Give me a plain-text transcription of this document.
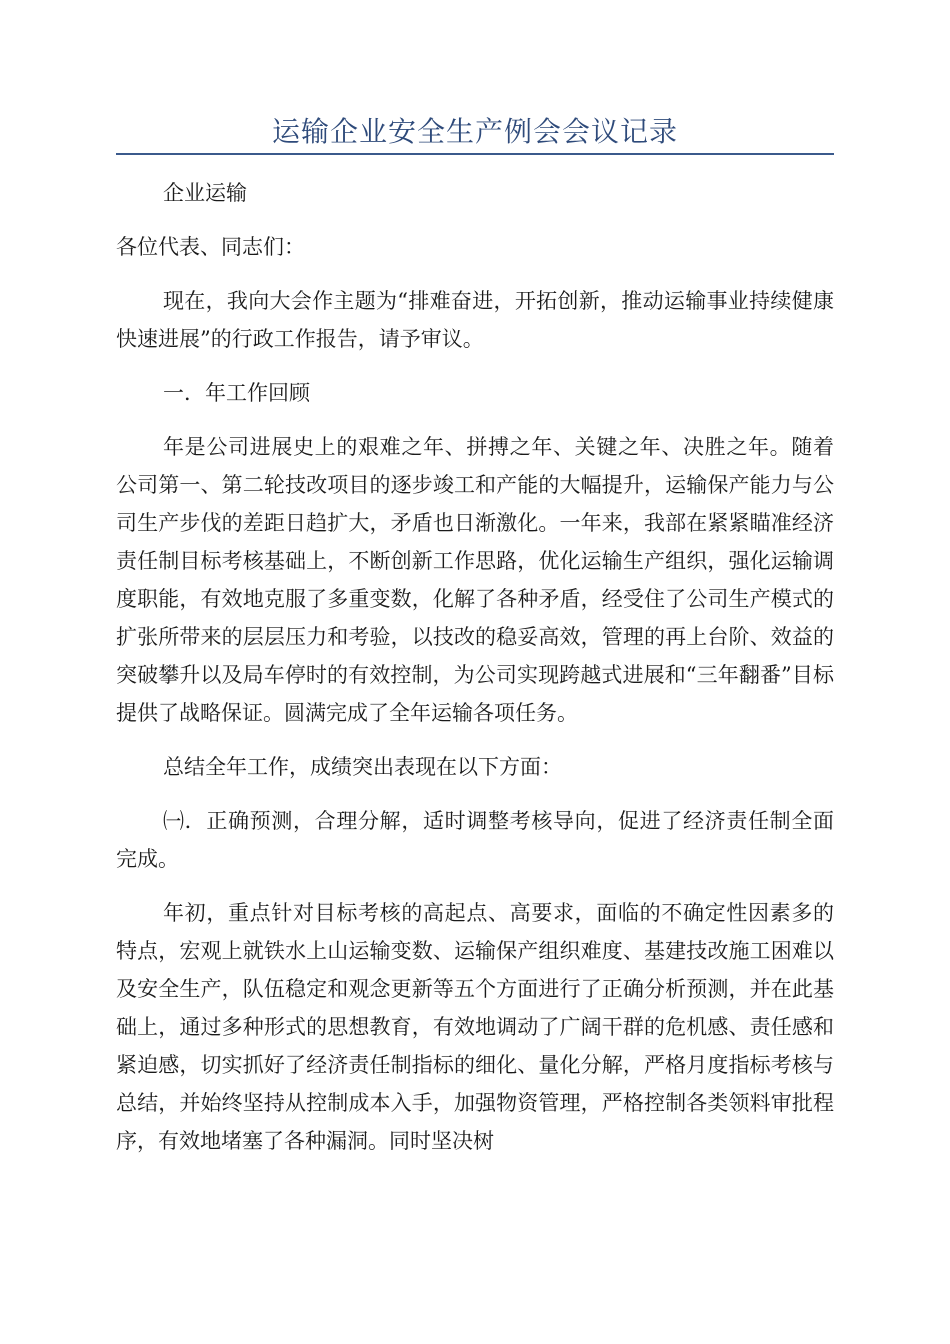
运输企业安全生产例会会议记录

企业运输

各位代表、同志们：

现在，我向大会作主题为“排难奋进，开拓创新，推动运输事业持续健康快速进展”的行政工作报告，请予审议。

一．年工作回顾

年是公司进展史上的艰难之年、拼搏之年、关键之年、决胜之年。随着公司第一、第二轮技改项目的逐步竣工和产能的大幅提升，运输保产能力与公司生产步伐的差距日趋扩大，矛盾也日渐激化。一年来，我部在紧紧瞄准经济责任制目标考核基础上，不断创新工作思路，优化运输生产组织，强化运输调度职能，有效地克服了多重变数，化解了各种矛盾，经受住了公司生产模式的扩张所带来的层层压力和考验，以技改的稳妥高效，管理的再上台阶、效益的突破攀升以及局车停时的有效控制，为公司实现跨越式进展和“三年翻番”目标提供了战略保证。圆满完成了全年运输各项任务。

总结全年工作，成绩突出表现在以下方面：

㈠．正确预测，合理分解，适时调整考核导向，促进了经济责任制全面完成。

年初，重点针对目标考核的高起点、高要求，面临的不确定性因素多的特点，宏观上就铁水上山运输变数、运输保产组织难度、基建技改施工困难以及安全生产，队伍稳定和观念更新等五个方面进行了正确分析预测，并在此基础上，通过多种形式的思想教育，有效地调动了广阔干群的危机感、责任感和紧迫感，切实抓好了经济责任制指标的细化、量化分解，严格月度指标考核与总结，并始终坚持从控制成本入手，加强物资管理，严格控制各类领料审批程序，有效地堵塞了各种漏洞。同时坚决树
